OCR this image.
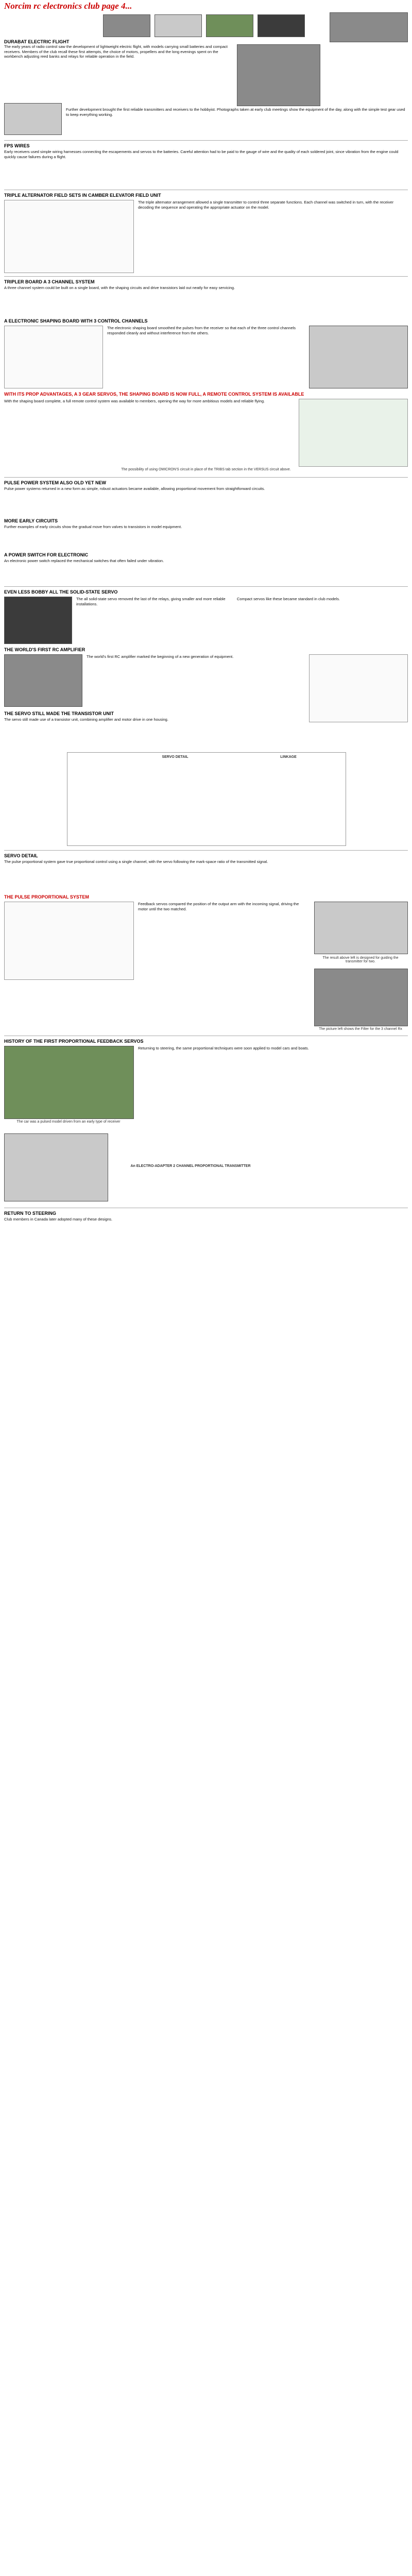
Norcim rc electronics club page 4...
DURABAT ELECTRIC FLIGHT
The early years of radio control saw the development of lightweight electric flight, with models carrying small batteries and compact receivers. Members of the club recall these first attempts, the choice of motors, propellers and the long evenings spent on the workbench adjusting reed banks and relays for reliable operation in the field.
Further development brought the first reliable transmitters and receivers to the hobbyist. Photographs taken at early club meetings show the equipment of the day, along with the simple test gear used to keep everything working.
FPS WIRES
Early receivers used simple wiring harnesses connecting the escapements and servos to the batteries. Careful attention had to be paid to the gauge of wire and the quality of each soldered joint, since vibration from the engine could quickly cause failures during a flight.
TRIPLE ALTERNATOR FIELD SETS IN CAMBER ELEVATOR FIELD UNIT
The triple alternator arrangement allowed a single transmitter to control three separate functions. Each channel was switched in turn, with the receiver decoding the sequence and operating the appropriate actuator on the model.
TRIPLER BOARD A 3 CHANNEL SYSTEM
A three channel system could be built on a single board, with the shaping circuits and drive transistors laid out neatly for easy servicing.
A ELECTRONIC SHAPING BOARD WITH 3 CONTROL CHANNELS
The electronic shaping board smoothed the pulses from the receiver so that each of the three control channels responded cleanly and without interference from the others.
WITH ITS PROP ADVANTAGES, A 3 GEAR SERVOS, THE SHAPING BOARD IS NOW FULL, A REMOTE CONTROL SYSTEM IS AVAILABLE
With the shaping board complete, a full remote control system was available to members, opening the way for more ambitious models and reliable flying.
The possibility of using OMICRON'S circuit in place of the TRIBS tab section in the VERSUS circuit above.
PULSE POWER SYSTEM ALSO OLD YET NEW
Pulse power systems returned in a new form as simple, robust actuators became available, allowing proportional movement from straightforward circuits.
MORE EARLY CIRCUITS
Further examples of early circuits show the gradual move from valves to transistors in model equipment.
A POWER SWITCH FOR ELECTRONIC
An electronic power switch replaced the mechanical switches that often failed under vibration.
EVEN LESS BOBBY ALL THE SOLID-STATE SERVO
The all solid-state servo removed the last of the relays, giving smaller and more reliable installations.
Compact servos like these became standard in club models.
THE WORLD'S FIRST RC AMPLIFIER
The world's first RC amplifier marked the beginning of a new generation of equipment.
THE SERVO STILL MADE THE TRANSISTOR UNIT
The servo still made use of a transistor unit, combining amplifier and motor drive in one housing.
SERVO DETAIL	LINKAGE
SERVO DETAIL
The pulse proportional system gave true proportional control using a single channel, with the servo following the mark-space ratio of the transmitted signal.
THE PULSE PROPORTIONAL SYSTEM
Feedback servos compared the position of the output arm with the incoming signal, driving the motor until the two matched.
The result above left is designed for guiding the transmitter for two.
The picture left shows the Filter for the 3 channel Rx
HISTORY OF THE FIRST PROPORTIONAL FEEDBACK SERVOS
The car was a pulsed model driven from an early type of receiver
Returning to steering, the same proportional techniques were soon applied to model cars and boats.
An ELECTRO-ADAPTER 2 CHANNEL PROPORTIONAL TRANSMITTER
RETURN TO STEERING
Club members in Canada later adopted many of these designs.
